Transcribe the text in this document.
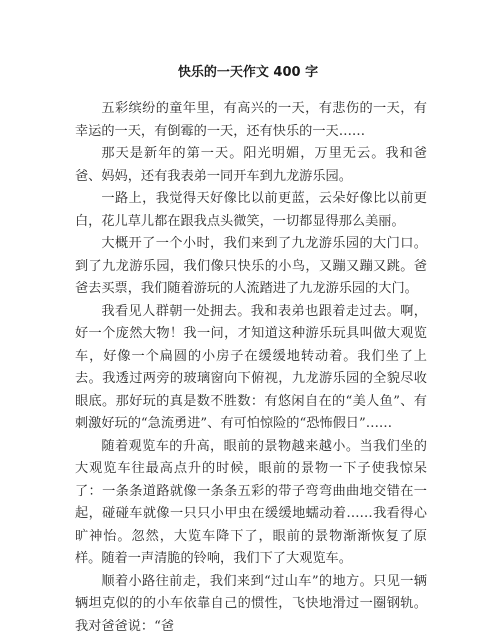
快乐的一天作文 400 字

五彩缤纷的童年里，有高兴的一天，有悲伤的一天，有幸运的一天，有倒霉的一天，还有快乐的一天……

那天是新年的第一天。阳光明媚，万里无云。我和爸爸、妈妈，还有我表弟一同开车到九龙游乐园。

一路上，我觉得天好像比以前更蓝，云朵好像比以前更白，花儿草儿都在跟我点头微笑，一切都显得那么美丽。

大概开了一个小时，我们来到了九龙游乐园的大门口。到了九龙游乐园，我们像只快乐的小鸟，又蹦又蹦又跳。爸爸去买票，我们随着游玩的人流踏进了九龙游乐园的大门。

我看见人群朝一处拥去。我和表弟也跟着走过去。啊，好一个庞然大物！我一问，才知道这种游乐玩具叫做大观览车，好像一个扁圆的小房子在缓缓地转动着。我们坐了上去。我透过两旁的玻璃窗向下俯视，九龙游乐园的全貌尽收眼底。那好玩的真是数不胜数：有悠闲自在的“美人鱼”、有刺激好玩的“急流勇进”、有可怕惊险的“恐怖假日”……

随着观览车的升高，眼前的景物越来越小。当我们坐的大观览车往最高点升的时候，眼前的景物一下子使我惊呆了：一条条道路就像一条条五彩的带子弯弯曲曲地交错在一起，碰碰车就像一只只小甲虫在缓缓地蠕动着……我看得心旷神怡。忽然，大览车降下了，眼前的景物渐渐恢复了原样。随着一声清脆的铃响，我们下了大观览车。

顺着小路往前走，我们来到“过山车”的地方。只见一辆辆坦克似的的小车依靠自己的惯性，飞快地滑过一圈钢轨。我对爸爸说：“爸
